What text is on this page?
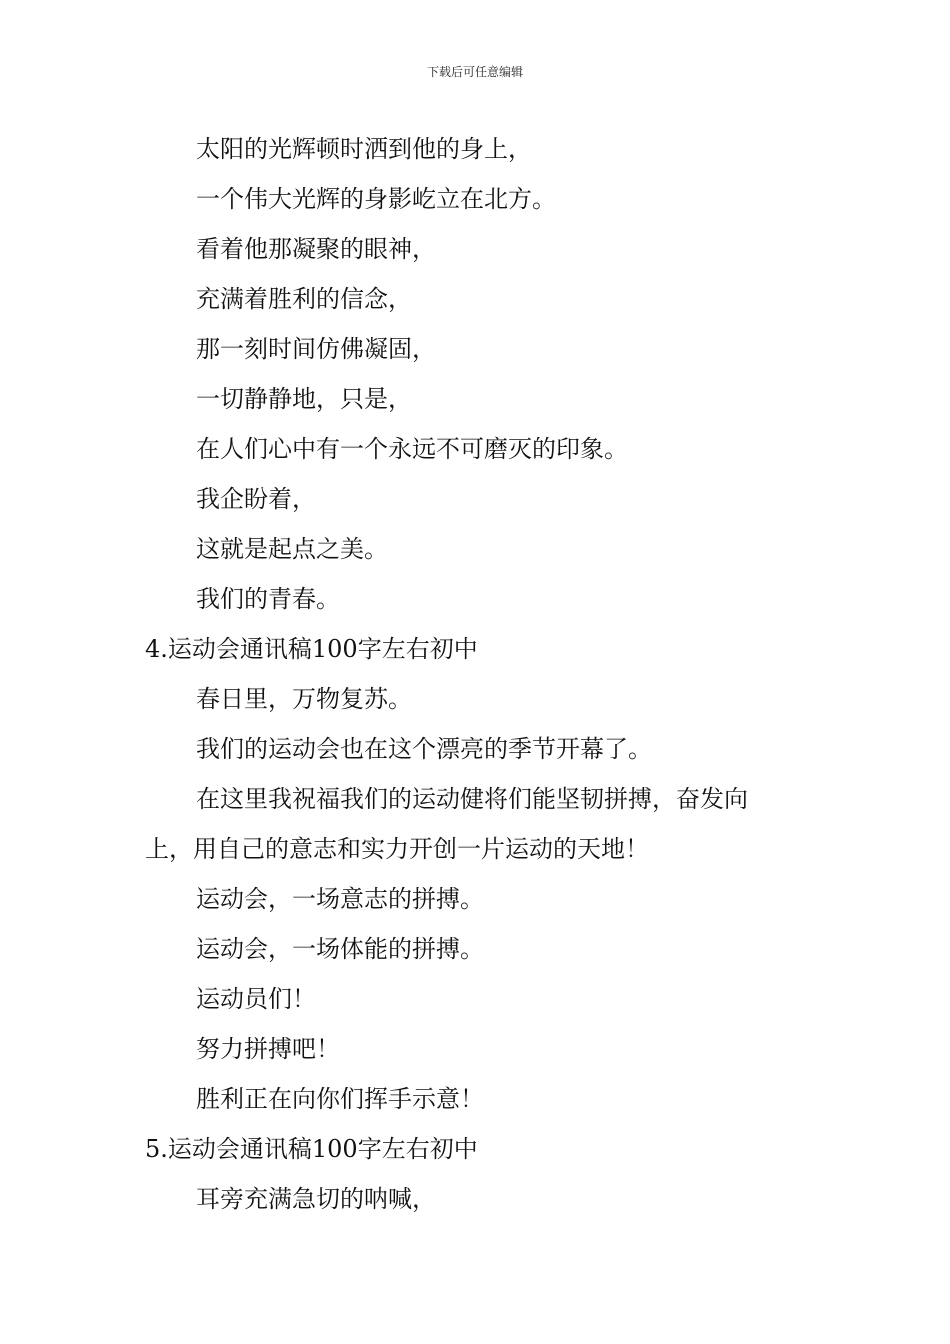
下载后可任意编辑
太阳的光辉顿时洒到他的身上，
一个伟大光辉的身影屹立在北方。
看着他那凝聚的眼神，
充满着胜利的信念，
那一刻时间仿佛凝固，
一切静静地，只是，
在人们心中有一个永远不可磨灭的印象。
我企盼着，
这就是起点之美。
我们的青春。
4.运动会通讯稿100字左右初中
春日里，万物复苏。
我们的运动会也在这个漂亮的季节开幕了。
在这里我祝福我们的运动健将们能坚韧拼搏，奋发向
上，用自己的意志和实力开创一片运动的天地！
运动会，一场意志的拼搏。
运动会，一场体能的拼搏。
运动员们！
努力拼搏吧！
胜利正在向你们挥手示意！
5.运动会通讯稿100字左右初中
耳旁充满急切的呐喊，
